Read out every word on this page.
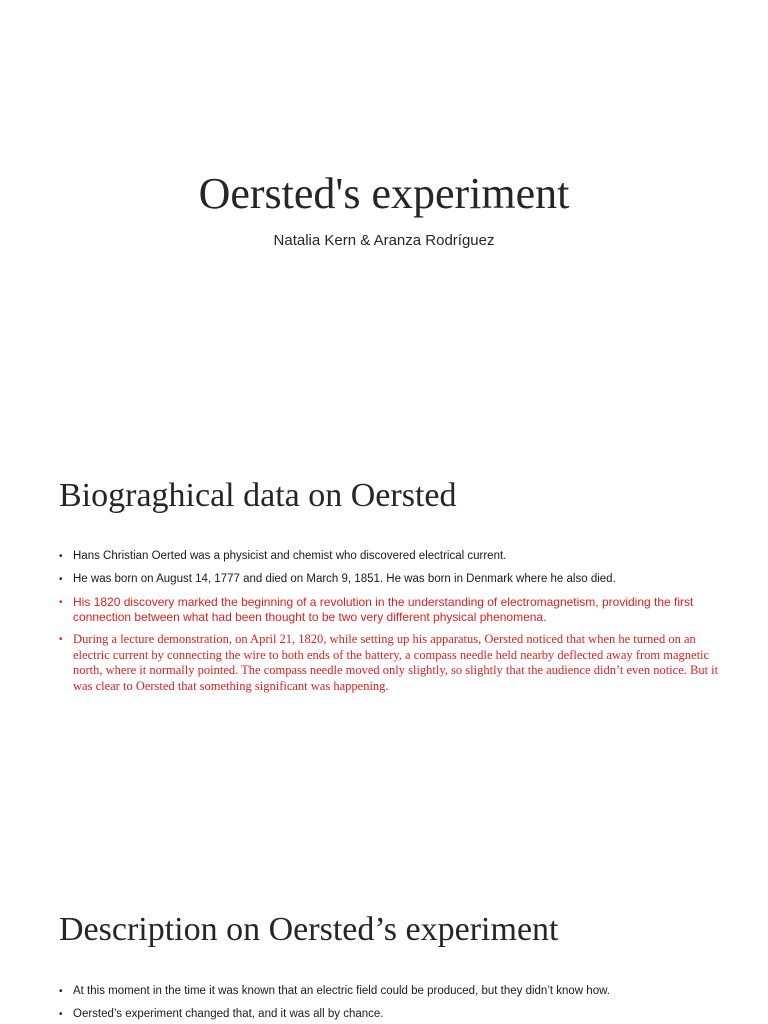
Oersted's experiment

Natalia Kern & Aranza Rodríguez

Biograghical data on Oersted
• Hans Christian Oerted was a physicist and chemist who discovered electrical current.
• He was born on August 14, 1777 and died on March 9, 1851. He was born in Denmark where he also died.
• His 1820 discovery marked the beginning of a revolution in the understanding of electromagnetism, providing the first connection between what had been thought to be two very different physical phenomena.
• During a lecture demonstration, on April 21, 1820, while setting up his apparatus, Oersted noticed that when he turned on an electric current by connecting the wire to both ends of the battery, a compass needle held nearby deflected away from magnetic north, where it normally pointed. The compass needle moved only slightly, so slightly that the audience didn’t even notice. But it was clear to Oersted that something significant was happening.
Description on Oersted’s experiment
• At this moment in the time it was known that an electric field could be produced, but they didn’t know how.
• Oersted’s experiment changed that, and it was all by chance.
